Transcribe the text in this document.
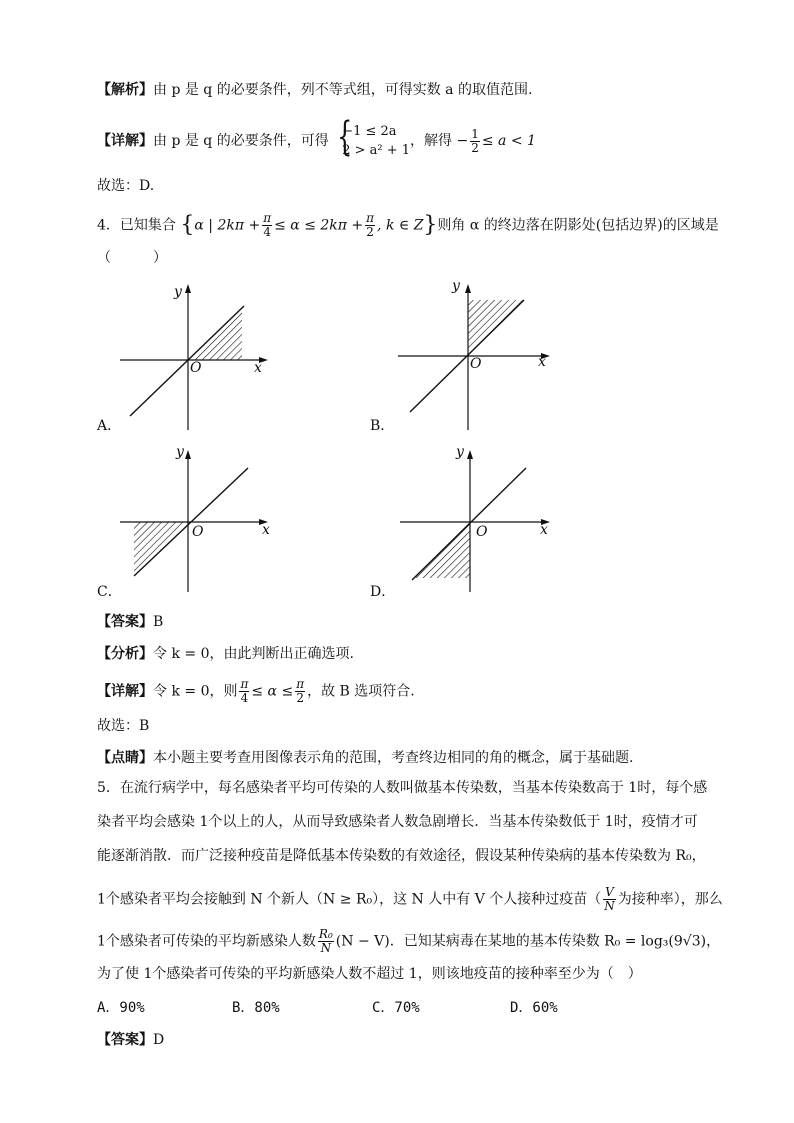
【解析】由 p 是 q 的必要条件，列不等式组，可得实数 a 的取值范围.
【详解】由 p 是 q 的必要条件，可得 {
−1 ≤ 2a
2 > a² + 1
，解得 − $\frac{1}{2} \le a < 1$
故选：D.
4．已知集合 {α | $2k\pi + \frac{\pi}{4} \le \alpha \le 2k\pi + \frac{\pi}{2}$ , k ∈ Z}则角 α 的终边落在阴影处(包括边界)的区域是
（　　　）
y
x
O
A．
y
x
O
B．
y
x
O
C．
y
x
O
D．
【答案】B
【分析】令 k = 0，由此判断出正确选项.
【详解】令 k = 0，则 $\frac{\pi}{4} \le \alpha \le \frac{\pi}{2}$ ，故 B 选项符合.
故选：B
【点睛】本小题主要考查用图像表示角的范围，考查终边相同的角的概念，属于基础题.
5．在流行病学中，每名感染者平均可传染的人数叫做基本传染数，当基本传染数高于 1时，每个感
染者平均会感染 1个以上的人，从而导致感染者人数急剧增长．当基本传染数低于 1时，疫情才可
能逐渐消散．而广泛接种疫苗是降低基本传染数的有效途径，假设某种传染病的基本传染数为 R₀，
1个感染者平均会接触到 N 个新人（N ≥ R₀），这 N 人中有 V 个人接种过疫苗（ $\frac{V}{N}$ 为接种率），那么
1个感染者可传染的平均新感染人数 $\frac{\text{R₀}}{N} (N - V)$．已知某病毒在某地的基本传染数 R₀ = log₃(9√3)，
为了使 1个感染者可传染的平均新感染人数不超过 1，则该地疫苗的接种率至少为（　）
A．90%	B．80%	C．70%	D．60%
【答案】D
